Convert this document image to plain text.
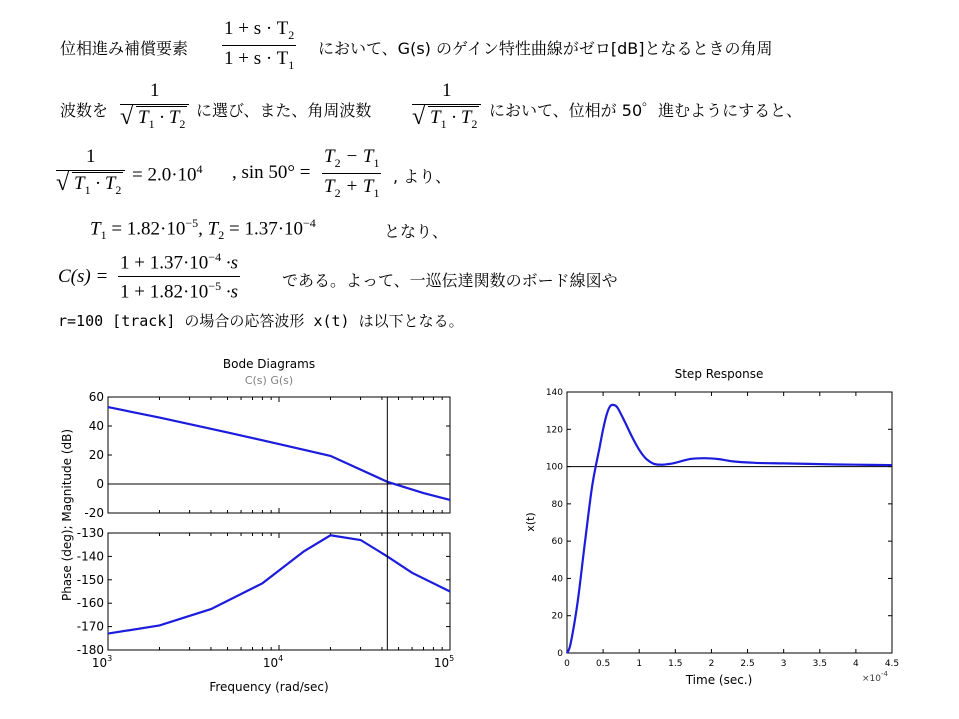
位相進み補償要素 $\frac{1 + s \cdot T_2}{1 + s \cdot T_1}$ において、G(s) のゲイン特性曲線がゼロ[dB]となるときの角周
波数を 1
√ $T_1 \cdot T_2$ に選び、また、角周波数 1
√ $T_1 \cdot T_2$ において、位相が 50゜進むようにすると、
1
√ $T_1 \cdot T_2 = 2.0\cdot 10^4$ , $\sin 50^\circ = \frac{T_2 - T_1}{T_2 + T_1}$ , より、
$T_1 = 1.82\cdot 10^{-5}$, $T_2 = 1.37\cdot 10^{-4}$	となり、
$C(s) = \frac{1 + 1.37\cdot 10^{-4} \cdot s}{1 + 1.82\cdot 10^{-5} \cdot s}$	である。よって、一巡伝達関数のボード線図や
r=100 [track] の場合の応答波形 x(t) は以下となる。
Bode Diagrams
C(s) G(s)
Phase (deg); Magnitude (dB)
Frequency (rad/sec)
60
40
20
0
-20
-130
-140
-150
-160
-170
-180
$10^3$	$10^4$	$10^5$
Step Response
x(t)
Time (sec.)	$\times 10^{-4}$
0
20
40
60
80
100
120
140
0	0.5	1	1.5	2	2.5	3	3.5	4	4.5
